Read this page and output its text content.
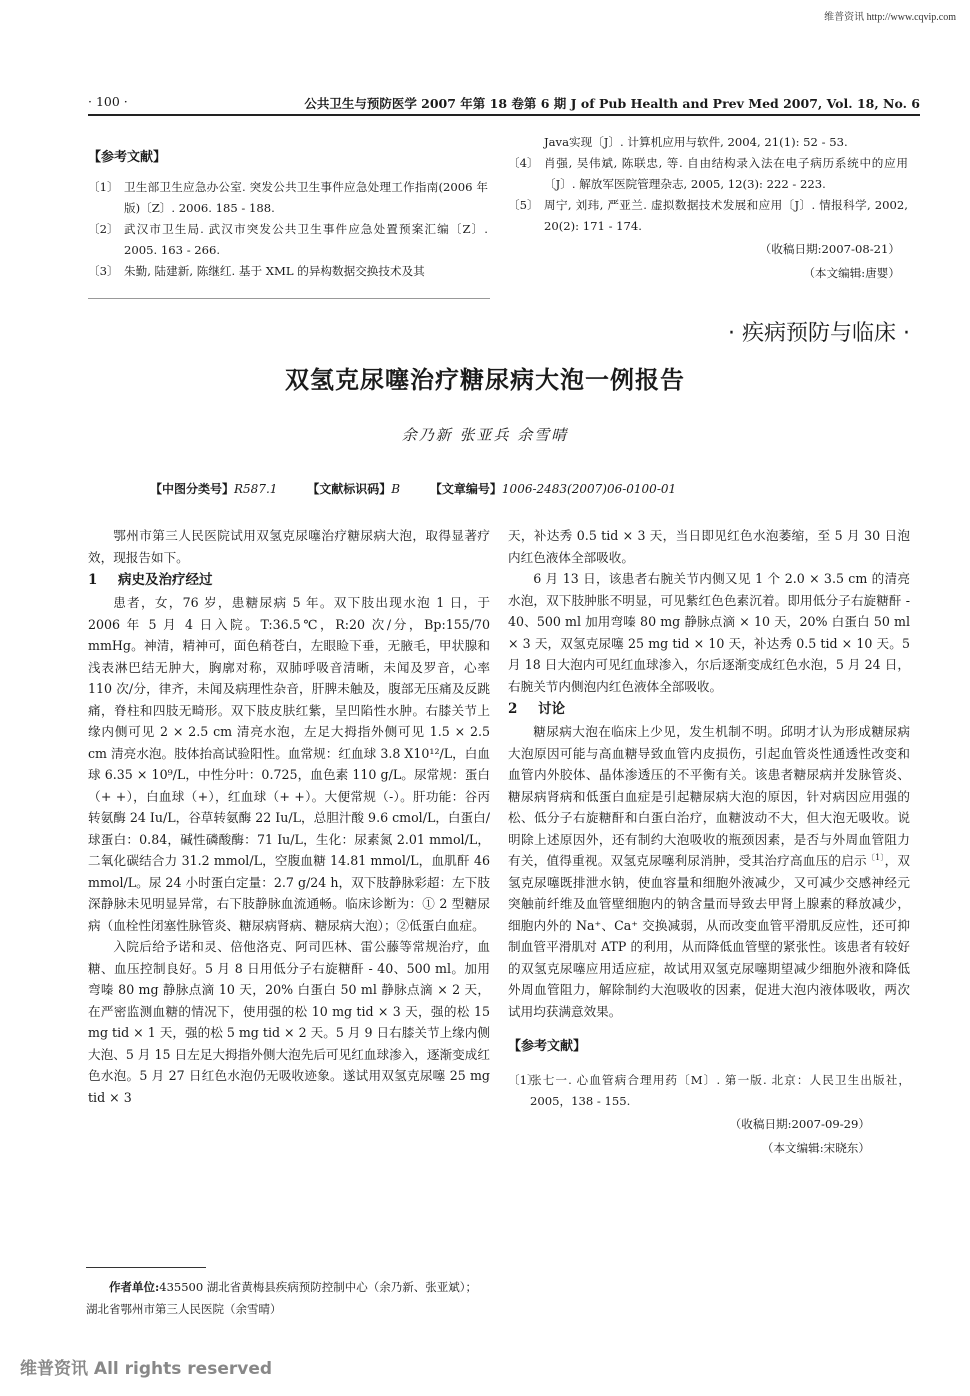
维普资讯 http://www.cqvip.com
· 100 ·	公共卫生与预防医学 2007 年第 18 卷第 6 期 J of Pub Health and Prev Med 2007, Vol. 18, No. 6
【参考文献】
〔1〕 卫生部卫生应急办公室. 突发公共卫生事件应急处理工作指南(2006 年版)〔Z〕. 2006. 185 - 188.
〔2〕 武汉市卫生局. 武汉市突发公共卫生事件应急处置预案汇编〔Z〕. 2005. 163 - 266.
〔3〕 朱勤, 陆建新, 陈继红. 基于 XML 的异构数据交换技术及其
Java实现〔J〕. 计算机应用与软件, 2004, 21(1): 52 - 53.
〔4〕 肖强, 吴伟斌, 陈联忠, 等. 自由结构录入法在电子病历系统中的应用〔J〕. 解放军医院管理杂志, 2005, 12(3): 222 - 223.
〔5〕 周宁, 刘玮, 严亚兰. 虚拟数据技术发展和应用〔J〕. 情报科学, 2002, 20(2): 171 - 174.
（收稿日期:2007-08-21）
（本文编辑:唐婴）
· 疾病预防与临床 ·
双氢克尿噻治疗糖尿病大泡一例报告
余乃新 张亚兵 余雪晴
【中图分类号】R587.1 【文献标识码】B 【文章编号】1006-2483(2007)06-0100-01

鄂州市第三人民医院试用双氢克尿噻治疗糖尿病大泡，取得显著疗效，现报告如下。

1 病史及治疗经过

患者，女，76 岁，患糖尿病 5 年。双下肢出现水泡 1 日，于 2006 年 5 月 4 日入院。T:36.5℃，R:20 次/分，Bp:155/70 mmHg。神清，精神可，面色稍苍白，左眼睑下垂，无腋毛，甲状腺和浅表淋巴结无肿大，胸廓对称，双肺呼吸音清晰，未闻及罗音，心率 110 次/分，律齐，未闻及病理性杂音，肝脾未触及，腹部无压痛及反跳痛，脊柱和四肢无畸形。双下肢皮肤红紫，呈凹陷性水肿。右膝关节上缘内侧可见 2 × 2.5 cm 清亮水泡，左足大拇指外侧可见 1.5 × 2.5 cm 清亮水泡。肢体抬高试验阳性。血常规：红血球 3.8 X10¹²/L，白血球 6.35 × 10⁹/L，中性分叶：0.725，血色素 110 g/L。尿常规：蛋白（+ +），白血球（+），红血球（+ +）。大便常规（-）。肝功能：谷丙转氨酶 24 Iu/L，谷草转氨酶 22 Iu/L，总胆汁酸 9.6 cmol/L，白蛋白/球蛋白：0.84，碱性磷酸酶：71 Iu/L，生化：尿素氮 2.01 mmol/L，二氧化碳结合力 31.2 mmol/L，空腹血糖 14.81 mmol/L，血肌酐 46 mmol/L。尿 24 小时蛋白定量：2.7 g/24 h，双下肢静脉彩超：左下肢深静脉未见明显异常，右下肢静脉血流通畅。临床诊断为：① 2 型糖尿病（血栓性闭塞性脉管炎、糖尿病肾病、糖尿病大泡）；②低蛋白血症。

入院后给予诺和灵、倍他洛克、阿司匹林、雷公藤等常规治疗，血糖、血压控制良好。5 月 8 日用低分子右旋糖酐 - 40、500 ml。加用弯嗪 80 mg 静脉点滴 10 天，20% 白蛋白 50 ml 静脉点滴 × 2 天，在严密监测血糖的情况下，使用强的松 10 mg tid × 3 天，强的松 15 mg tid × 1 天，强的松 5 mg tid × 2 天。5 月 9 日右膝关节上缘内侧大泡、5 月 15 日左足大拇指外侧大泡先后可见红血球渗入，逐渐变成红色水泡。5 月 27 日红色水泡仍无吸收迹象。遂试用双氢克尿噻 25 mg tid × 3

天，补达秀 0.5 tid × 3 天，当日即见红色水泡萎缩，至 5 月 30 日泡内红色液体全部吸收。

6 月 13 日，该患者右腕关节内侧又见 1 个 2.0 × 3.5 cm 的清亮水泡，双下肢肿胀不明显，可见紫红色色素沉着。即用低分子右旋糖酐 - 40、500 ml 加用弯嗪 80 mg 静脉点滴 × 10 天，20% 白蛋白 50 ml × 3 天，双氢克尿噻 25 mg tid × 10 天，补达秀 0.5 tid × 10 天。5 月 18 日大泡内可见红血球渗入，尔后逐渐变成红色水泡，5 月 24 日，右腕关节内侧泡内红色液体全部吸收。

2 讨论

糖尿病大泡在临床上少见，发生机制不明。邱明才认为形成糖尿病大泡原因可能与高血糖导致血管内皮损伤，引起血管炎性通透性改变和血管内外胶体、晶体渗透压的不平衡有关。该患者糖尿病并发脉管炎、糖尿病肾病和低蛋白血症是引起糖尿病大泡的原因，针对病因应用强的松、低分子右旋糖酐和白蛋白治疗，血糖波动不大，但大泡无吸收。说明除上述原因外，还有制约大泡吸收的瓶颈因素，是否与外周血管阻力有关，值得重视。双氢克尿噻利尿消肿，受其治疗高血压的启示$^{〔1〕}$，双氢克尿噻既排泄水钠，使血容量和细胞外液减少，又可减少交感神经元突触前纤维及血管壁细胞内的钠含量而导致去甲肾上腺素的释放减少，细胞内外的 Na⁺、Ca⁺ 交换减弱，从而改变血管平滑肌反应性，还可抑制血管平滑肌对 ATP 的利用，从而降低血管壁的紧张性。该患者有较好的双氢克尿噻应用适应症，故试用双氢克尿噻期望减少细胞外液和降低外周血管阻力，解除制约大泡吸收的因素，促进大泡内液体吸收，两次试用均获满意效果。

【参考文献】
〔1〕
张七一. 心血管病合理用药〔M〕. 第一版. 北京：人民卫生出版社，2005，138 - 155.
（收稿日期:2007-09-29）
（本文编辑:宋晓东）
作者单位:435500 湖北省黄梅县疾病预防控制中心（余乃新、张亚斌）；湖北省鄂州市第三人民医院（余雪晴）
维普资讯 All rights reserved
